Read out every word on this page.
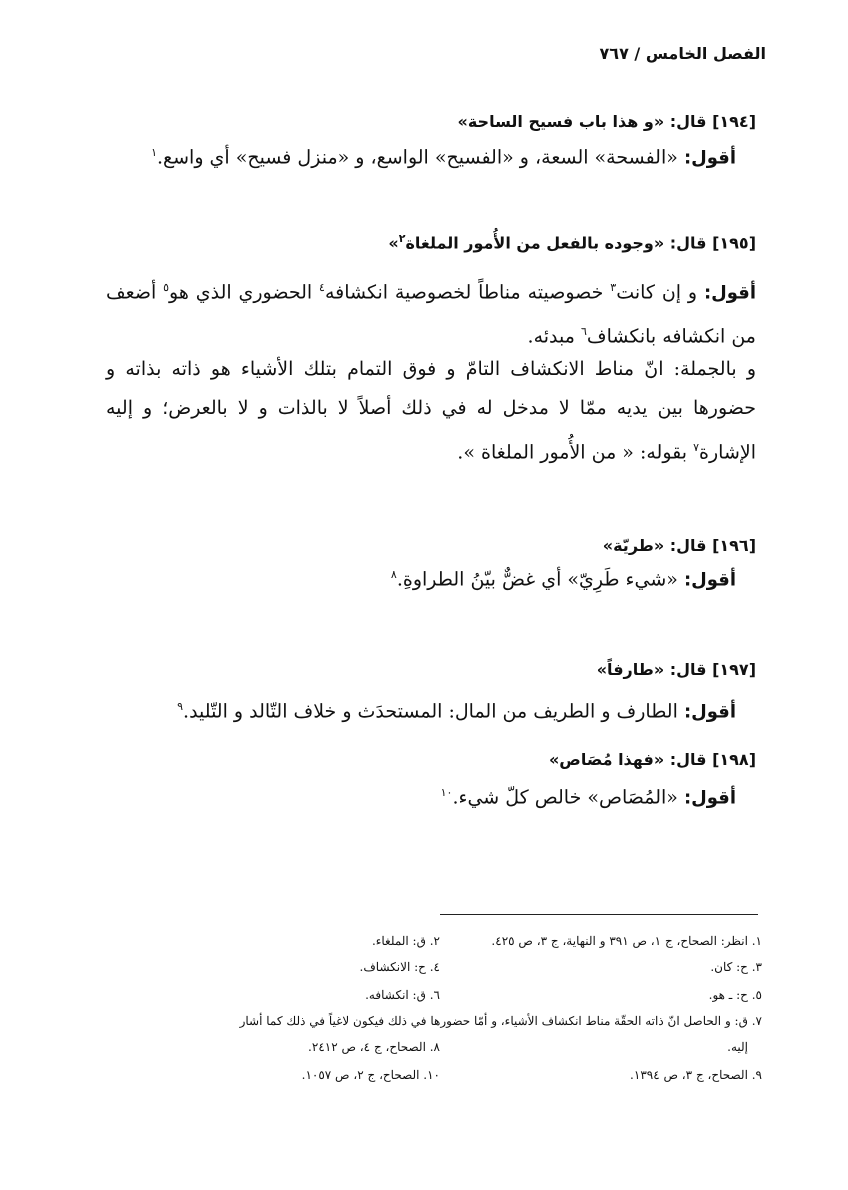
الفصل الخامس / ٧٦٧
[١٩٤] قال: «و هذا باب فسيح الساحة»
أقول: «الفسحة» السعة، و «الفسيح» الواسع، و «منزل فسيح» أي واسع.$^١$
[١٩٥] قال: «وجوده بالفعل من الأُمور الملغاة$^٢$»
أقول: و إن كانت$^٣$ خصوصيته مناطاً لخصوصية انكشافه$^٤$ الحضوري الذي هو$^٥$ أضعف من انكشافه بانكشاف$^٦$ مبدئه.
و بالجملة: انّ مناط الانكشاف التامّ و فوق التمام بتلك الأشياء هو ذاته بذاته و حضورها بين يديه ممّا لا مدخل له في ذلك أصلاً لا بالذات و لا بالعرض؛ و إليه الإشارة$^٧$ بقوله: « من الأُمور الملغاة ».
[١٩٦] قال: «طريّة»
أقول: «شيء طَرِيّ» أي غضٌّ بيّنُ الطراوةِ.$^٨$
[١٩٧] قال: «طارفاً»
أقول: الطارف و الطريف من المال: المستحدَث و خلاف التّالد و التّليد.$^٩$
[١٩٨] قال: «فهذا مُصَاص»
أقول: «المُصَاص» خالص كلّ شيء.$^{١٠}$
١. انظر: الصحاح، ج ١، ص ٣٩١ و النهاية، ج ٣، ص ٤٢٥.
٢. ق: الملغاء.
٣. ح: كان.
٤. ح: الانكشاف.
٥. ح: ـ هو.
٦. ق: انكشافه.
٧. ق: و الحاصل انّ ذاته الحقّة مناط انكشاف الأشياء، و أمّا حضورها في ذلك فيكون لاغياً في ذلك كما أشار
إليه.
٨. الصحاح، ج ٤، ص ٢٤١٢.
٩. الصحاح، ج ٣، ص ١٣٩٤.
١٠. الصحاح، ج ٢، ص ١٠٥٧.
